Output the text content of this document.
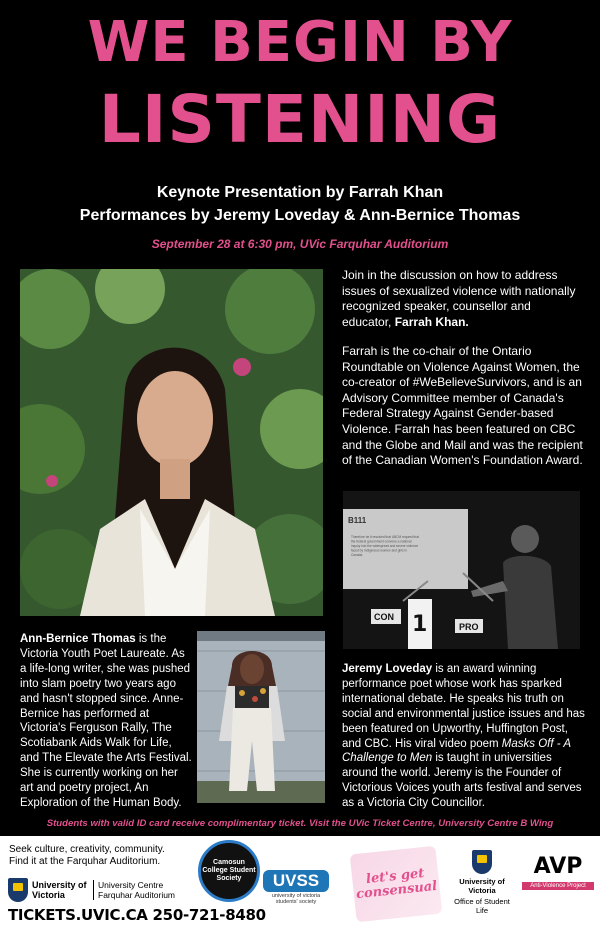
WE BEGIN BY
LISTENING
Keynote Presentation by Farrah Khan
Performances by Jeremy Loveday & Ann-Bernice Thomas
September 28 at 6:30 pm, UVic Farquhar Auditorium
Join in the discussion on how to address issues of sexualized violence with nationally recognized speaker, counsellor and educator, Farrah Khan.
Farrah is the co-chair of the Ontario Roundtable on Violence Against Women, the co-creator of #WeBelieveSurvivors, and is an Advisory Committee member of Canada's Federal Strategy Against Gender-based Violence. Farrah has been featured on CBC and the Globe and Mail and was the recipient of the Canadian Women's Foundation Award.
B111
Therefore be it resolved that UBCM request that the federal government convene a national inquiry into the widespread and severe violence faced by Indigenous women and girls in Canada.
CON 1	PRO
Ann-Bernice Thomas is the Victoria Youth Poet Laureate. As a life-long writer, she was pushed into slam poetry two years ago and hasn't stopped since. Anne-Bernice has performed at Victoria's Ferguson Rally, The Scotiabank Aids Walk for Life, and The Elevate the Arts Festival. She is currently working on her art and poetry project, An Exploration of the Human Body.
Jeremy Loveday is an award winning performance poet whose work has sparked international debate. He speaks his truth on social and environmental justice issues and has been featured on Upworthy, Huffington Post, and CBC. His viral video poem Masks Off - A Challenge to Men is taught in universities around the world. Jeremy is the Founder of Victorious Voices youth arts festival and serves as a Victoria City Councillor.
Students with valid ID card receive complimentary ticket. Visit the UVic Ticket Centre, University Centre B Wing
Seek culture, creativity, community.
Find it at the Farquhar Auditorium.
University of Victoria
University Centre Farquhar Auditorium
TICKETS.UVIC.CA 250-721-8480
Camosun College Student Society	UVSS
university of victoria students' society
let's get consensual	University of Victoria
Office of Student Life
AVP
Anti-Violence Project
